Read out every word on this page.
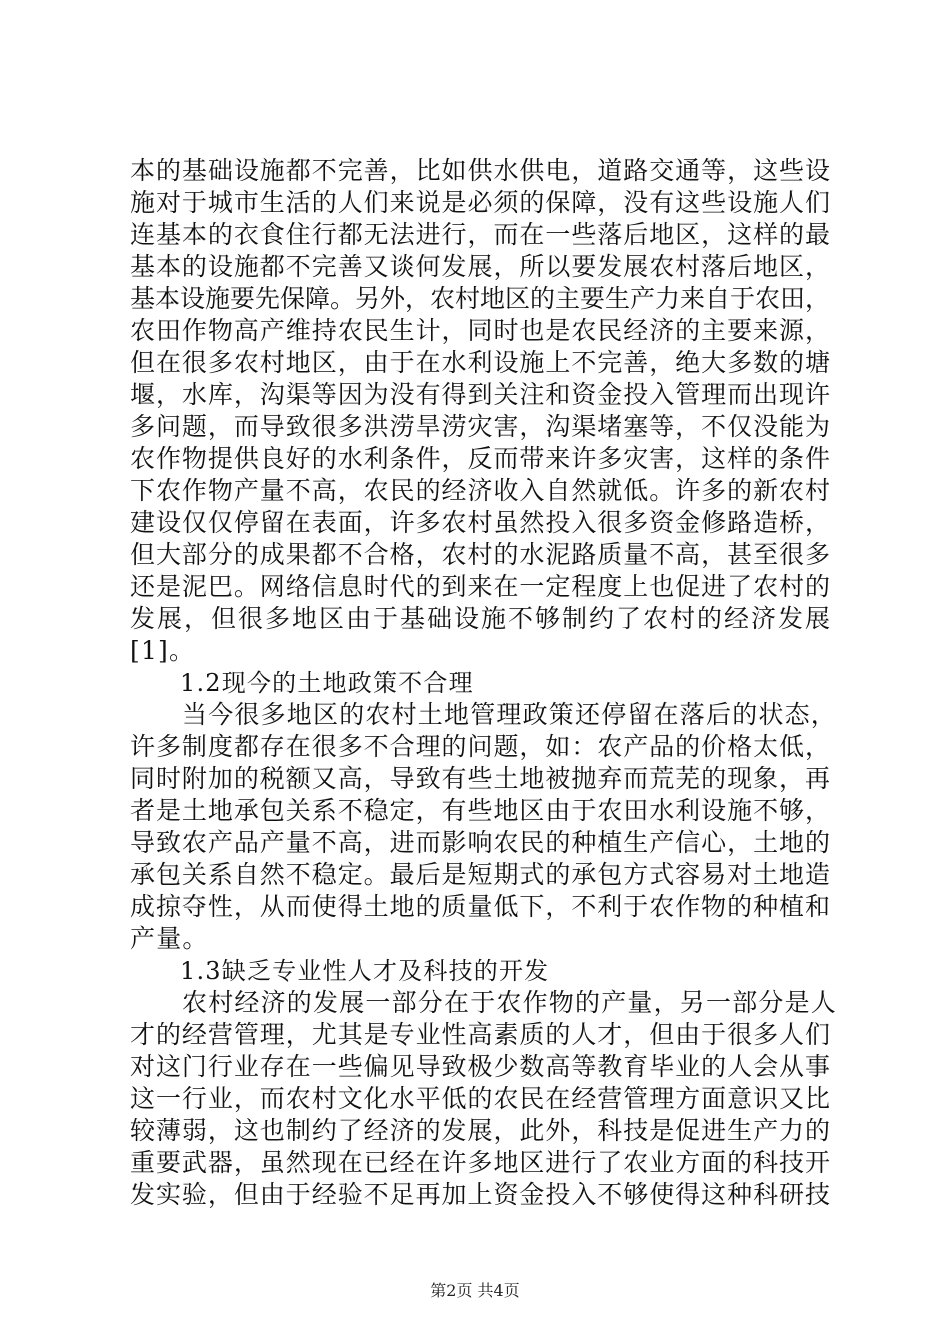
本的基础设施都不完善，比如供水供电，道路交通等，这些设
施对于城市生活的人们来说是必须的保障，没有这些设施人们
连基本的衣食住行都无法进行，而在一些落后地区，这样的最
基本的设施都不完善又谈何发展，所以要发展农村落后地区，
基本设施要先保障。另外，农村地区的主要生产力来自于农田，
农田作物高产维持农民生计，同时也是农民经济的主要来源，
但在很多农村地区，由于在水利设施上不完善，绝大多数的塘
堰，水库，沟渠等因为没有得到关注和资金投入管理而出现许
多问题，而导致很多洪涝旱涝灾害，沟渠堵塞等，不仅没能为
农作物提供良好的水利条件，反而带来许多灾害，这样的条件
下农作物产量不高，农民的经济收入自然就低。许多的新农村
建设仅仅停留在表面，许多农村虽然投入很多资金修路造桥，
但大部分的成果都不合格，农村的水泥路质量不高，甚至很多
还是泥巴。网络信息时代的到来在一定程度上也促进了农村的
发展，但很多地区由于基础设施不够制约了农村的经济发展
[1]。
1.2现今的土地政策不合理
当今很多地区的农村土地管理政策还停留在落后的状态，
许多制度都存在很多不合理的问题，如：农产品的价格太低，
同时附加的税额又高，导致有些土地被抛弃而荒芜的现象，再
者是土地承包关系不稳定，有些地区由于农田水利设施不够，
导致农产品产量不高，进而影响农民的种植生产信心，土地的
承包关系自然不稳定。最后是短期式的承包方式容易对土地造
成掠夺性，从而使得土地的质量低下，不利于农作物的种植和
产量。
1.3缺乏专业性人才及科技的开发
农村经济的发展一部分在于农作物的产量，另一部分是人
才的经营管理，尤其是专业性高素质的人才，但由于很多人们
对这门行业存在一些偏见导致极少数高等教育毕业的人会从事
这一行业，而农村文化水平低的农民在经营管理方面意识又比
较薄弱，这也制约了经济的发展，此外，科技是促进生产力的
重要武器，虽然现在已经在许多地区进行了农业方面的科技开
发实验，但由于经验不足再加上资金投入不够使得这种科研技
第2页 共4页
